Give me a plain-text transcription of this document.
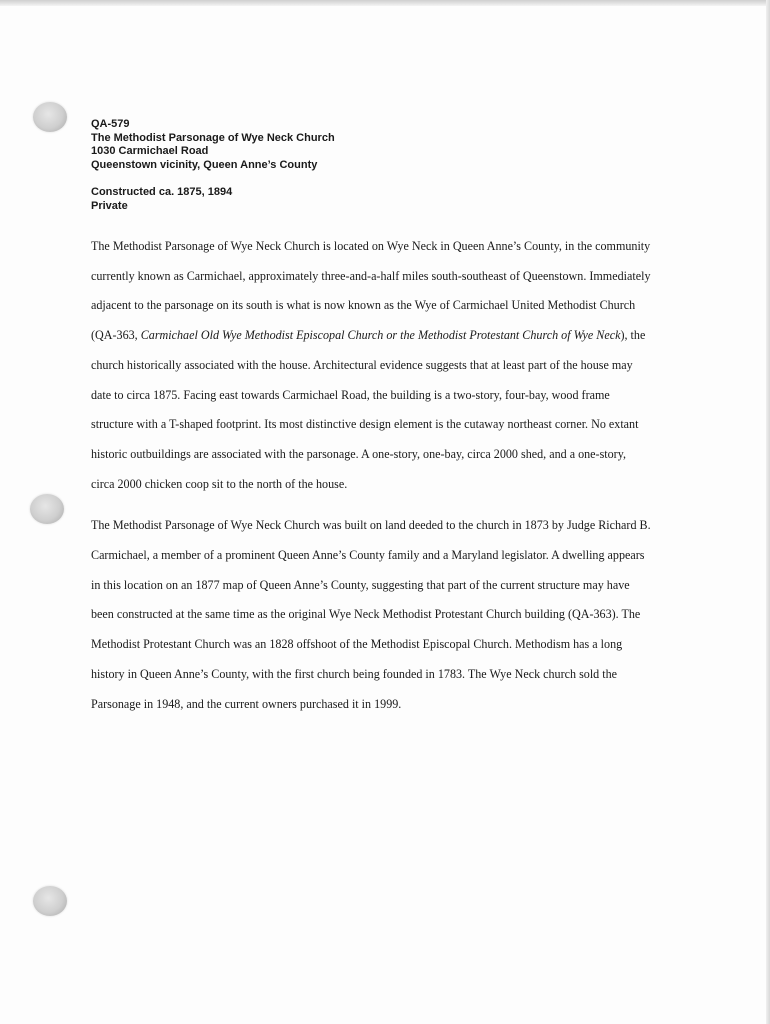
QA-579
The Methodist Parsonage of Wye Neck Church
1030 Carmichael Road
Queenstown vicinity, Queen Anne’s County
Constructed ca. 1875, 1894
Private

The Methodist Parsonage of Wye Neck Church is located on Wye Neck in Queen Anne’s County, in the community
currently known as Carmichael, approximately three-and-a-half miles south-southeast of Queenstown. Immediately
adjacent to the parsonage on its south is what is now known as the Wye of Carmichael United Methodist Church
(QA-363, Carmichael Old Wye Methodist Episcopal Church or the Methodist Protestant Church of Wye Neck), the
church historically associated with the house. Architectural evidence suggests that at least part of the house may
date to circa 1875. Facing east towards Carmichael Road, the building is a two-story, four-bay, wood frame
structure with a T-shaped footprint. Its most distinctive design element is the cutaway northeast corner. No extant
historic outbuildings are associated with the parsonage. A one-story, one-bay, circa 2000 shed, and a one-story,
circa 2000 chicken coop sit to the north of the house.

The Methodist Parsonage of Wye Neck Church was built on land deeded to the church in 1873 by Judge Richard B.
Carmichael, a member of a prominent Queen Anne’s County family and a Maryland legislator. A dwelling appears
in this location on an 1877 map of Queen Anne’s County, suggesting that part of the current structure may have
been constructed at the same time as the original Wye Neck Methodist Protestant Church building (QA-363). The
Methodist Protestant Church was an 1828 offshoot of the Methodist Episcopal Church. Methodism has a long
history in Queen Anne’s County, with the first church being founded in 1783. The Wye Neck church sold the
Parsonage in 1948, and the current owners purchased it in 1999.
